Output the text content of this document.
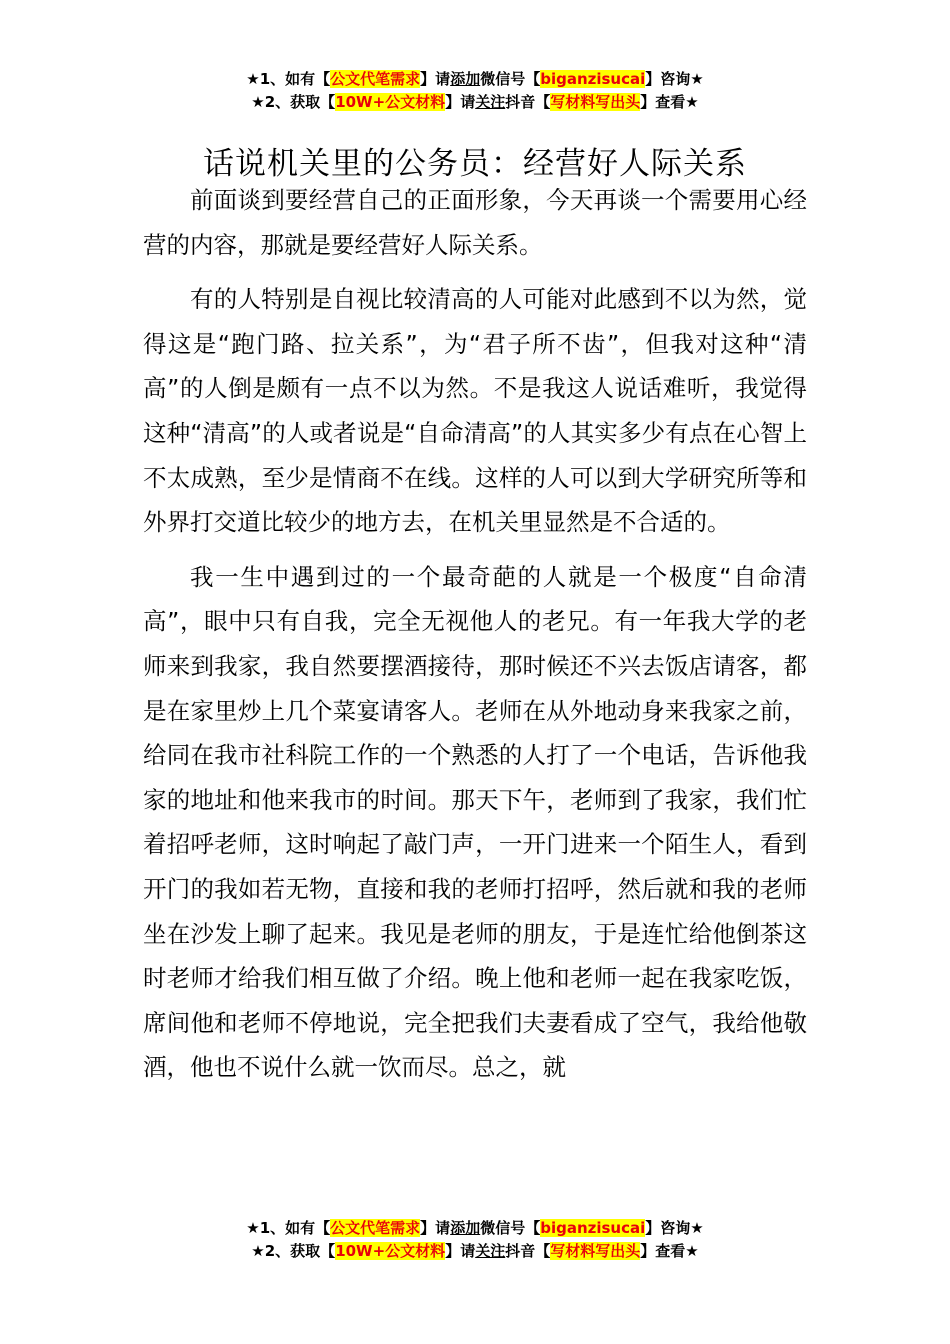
★1、如有【公文代笔需求】请添加微信号【biganzisucai】咨询★
★2、获取【10W+公文材料】请关注抖音【写材料写出头】查看★
话说机关里的公务员：经营好人际关系

前面谈到要经营自己的正面形象，今天再谈一个需要用心经营的内容，那就是要经营好人际关系。

有的人特别是自视比较清高的人可能对此感到不以为然，觉得这是“跑门路、拉关系”，为“君子所不齿”，但我对这种“清高”的人倒是颇有一点不以为然。不是我这人说话难听，我觉得这种“清高”的人或者说是“自命清高”的人其实多少有点在心智上不太成熟，至少是情商不在线。这样的人可以到大学研究所等和外界打交道比较少的地方去，在机关里显然是不合适的。

我一生中遇到过的一个最奇葩的人就是一个极度“自命清高”，眼中只有自我，完全无视他人的老兄。有一年我大学的老师来到我家，我自然要摆酒接待，那时候还不兴去饭店请客，都是在家里炒上几个菜宴请客人。老师在从外地动身来我家之前，给同在我市社科院工作的一个熟悉的人打了一个电话，告诉他我家的地址和他来我市的时间。那天下午，老师到了我家，我们忙着招呼老师，这时响起了敲门声，一开门进来一个陌生人，看到开门的我如若无物，直接和我的老师打招呼，然后就和我的老师坐在沙发上聊了起来。我见是老师的朋友，于是连忙给他倒茶这时老师才给我们相互做了介绍。晚上他和老师一起在我家吃饭，席间他和老师不停地说，完全把我们夫妻看成了空气，我给他敬酒，他也不说什么就一饮而尽。总之，就

★1、如有【公文代笔需求】请添加微信号【biganzisucai】咨询★
★2、获取【10W+公文材料】请关注抖音【写材料写出头】查看★
